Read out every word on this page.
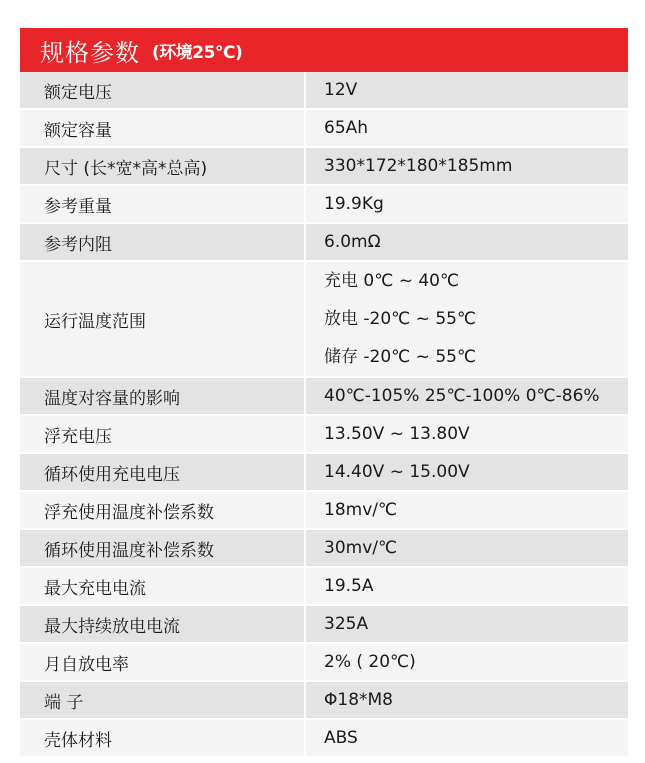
规格参数 (环境25℃)
额定电压	12V
额定容量	65Ah
尺寸 (长*宽*高*总高)	330*172*180*185mm
参考重量	19.9Kg
参考内阻	6.0mΩ
运行温度范围	充电 0℃ ~ 40℃
放电 -20℃ ~ 55℃
储存 -20℃ ~ 55℃

温度对容量的影响	40℃-105% 25℃-100% 0℃-86%
浮充电压	13.50V ~ 13.80V
循环使用充电电压	14.40V ~ 15.00V
浮充使用温度补偿系数	18mv/℃
循环使用温度补偿系数	30mv/℃
最大充电电流	19.5A
最大持续放电电流	325A
月自放电率	2% ( 20℃)
端 子	Φ18*M8
壳体材料	ABS
